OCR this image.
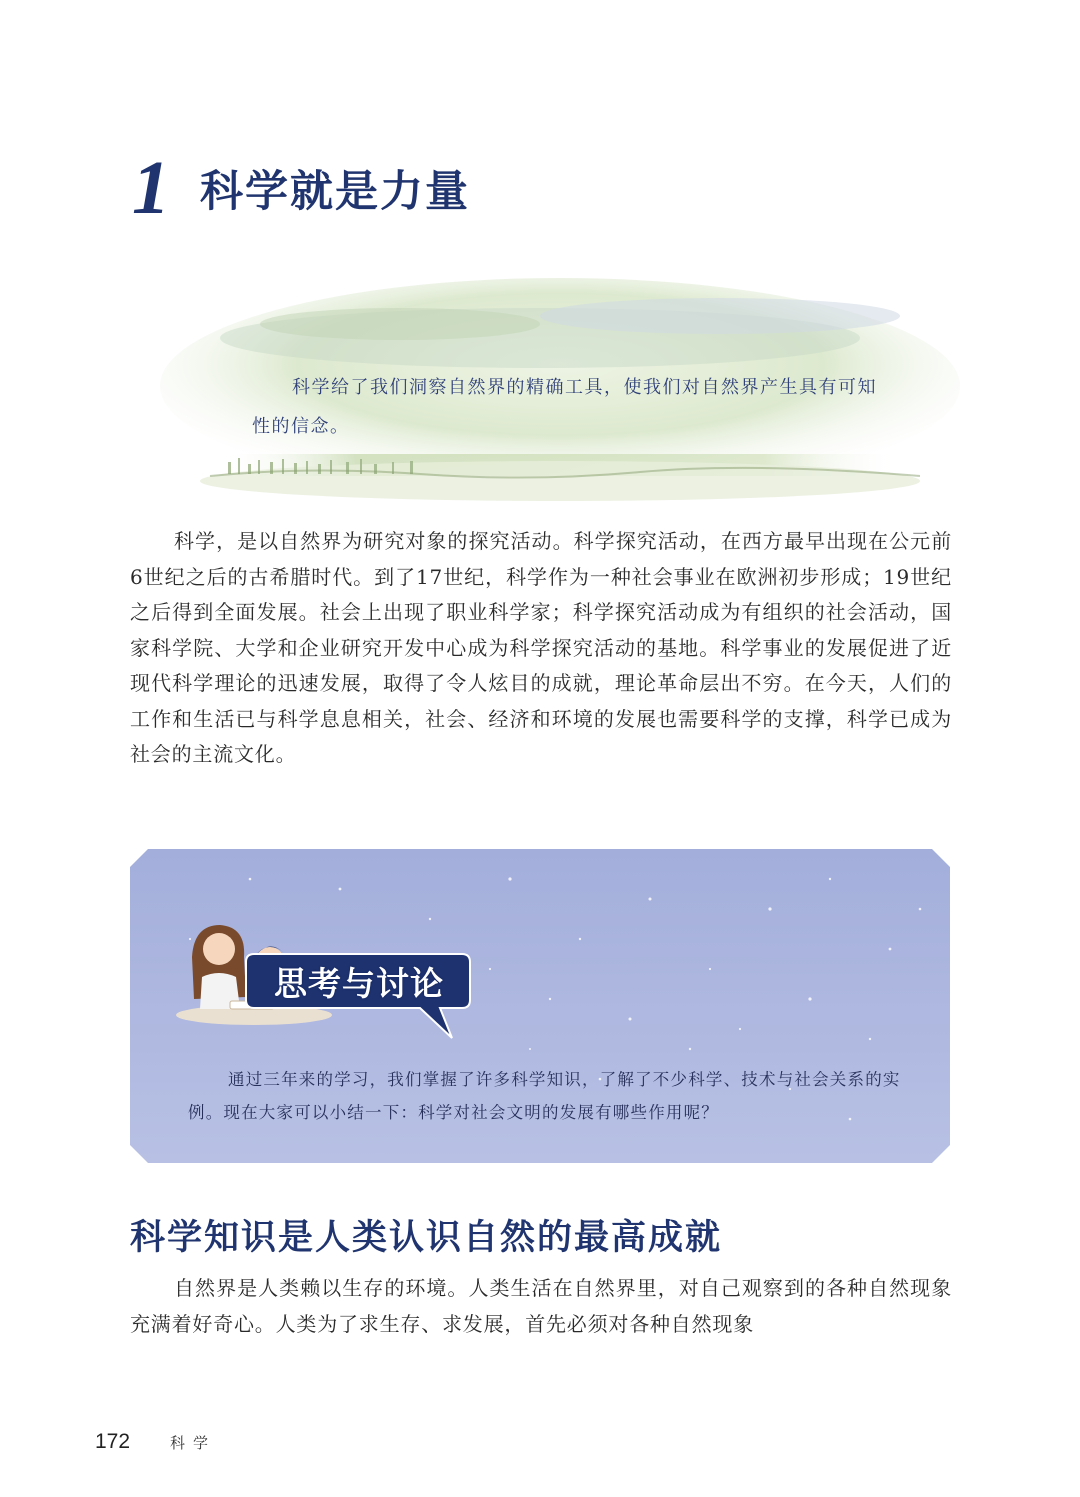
1 科学就是力量
科学给了我们洞察自然界的精确工具，使我们对自然界产生具有可知性的信念。

科学，是以自然界为研究对象的探究活动。科学探究活动，在西方最早出现在公元前6世纪之后的古希腊时代。到了17世纪，科学作为一种社会事业在欧洲初步形成；19世纪之后得到全面发展。社会上出现了职业科学家；科学探究活动成为有组织的社会活动，国家科学院、大学和企业研究开发中心成为科学探究活动的基地。科学事业的发展促进了近现代科学理论的迅速发展，取得了令人炫目的成就，理论革命层出不穷。在今天，人们的工作和生活已与科学息息相关，社会、经济和环境的发展也需要科学的支撑，科学已成为社会的主流文化。

思考与讨论
通过三年来的学习，我们掌握了许多科学知识，了解了不少科学、技术与社会关系的实例。现在大家可以小结一下：科学对社会文明的发展有哪些作用呢？
科学知识是人类认识自然的最高成就

自然界是人类赖以生存的环境。人类生活在自然界里，对自己观察到的各种自然现象充满着好奇心。人类为了求生存、求发展，首先必须对各种自然现象

172	科学
